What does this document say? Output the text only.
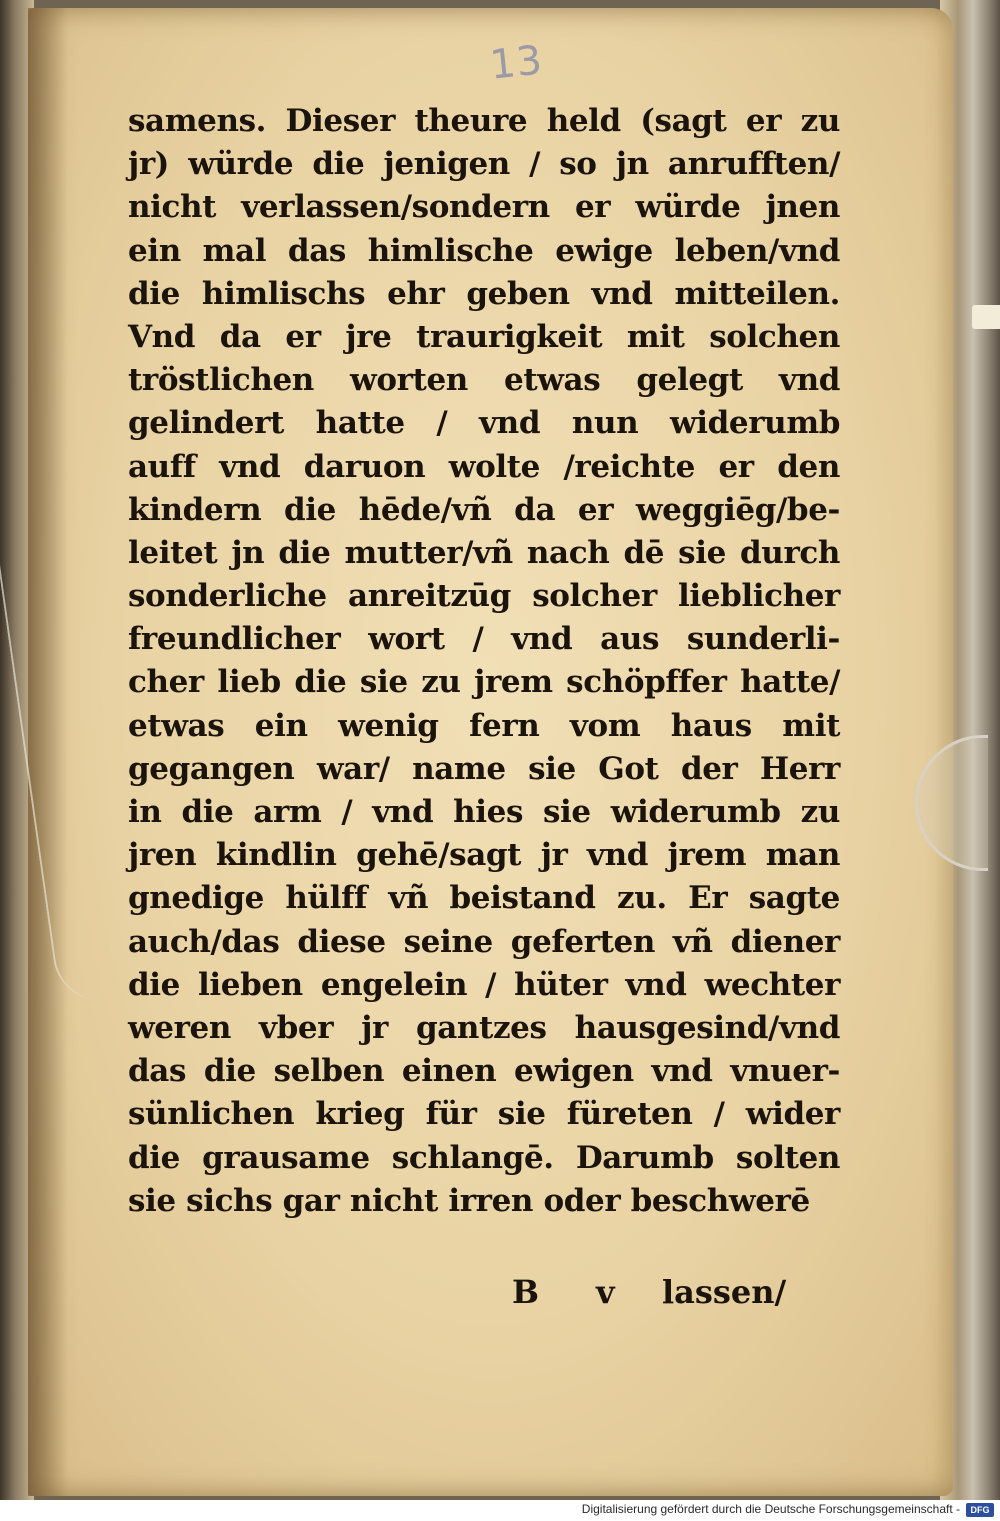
13
samens. Dieser theure held (sagt er zu
jr) würde die jenigen / so jn anrufften/
nicht verlassen/sondern er würde jnen
ein mal das himlische ewige leben/vnd
die himlischs ehr geben vnd mitteilen.
Vnd da er jre traurigkeit mit solchen
tröstlichen worten etwas gelegt vnd
gelindert hatte / vnd nun widerumb
auff vnd daruon wolte /reichte er den
kindern die hēde/vñ da er weggiēg/be-
leitet jn die mutter/vñ nach dē sie durch
sonderliche anreitzūg solcher lieblicher
freundlicher wort / vnd aus sunderli-
cher lieb die sie zu jrem schöpffer hatte/
etwas ein wenig fern vom haus mit
gegangen war/ name sie Got der Herr
in die arm / vnd hies sie widerumb zu
jren kindlin gehē/sagt jr vnd jrem man
gnedige hülff vñ beistand zu. Er sagte
auch/das diese seine geferten vñ diener
die lieben engelein / hüter vnd wechter
weren vber jr gantzes hausgesind/vnd
das die selben einen ewigen vnd vnuer-
sünlichen krieg für sie füreten / wider
die grausame schlangē. Darumb solten
sie sichs gar nicht irren oder beschwerē
B v lassen/
Digitalisierung gefördert durch die Deutsche Forschungsgemeinschaft -	DFG
